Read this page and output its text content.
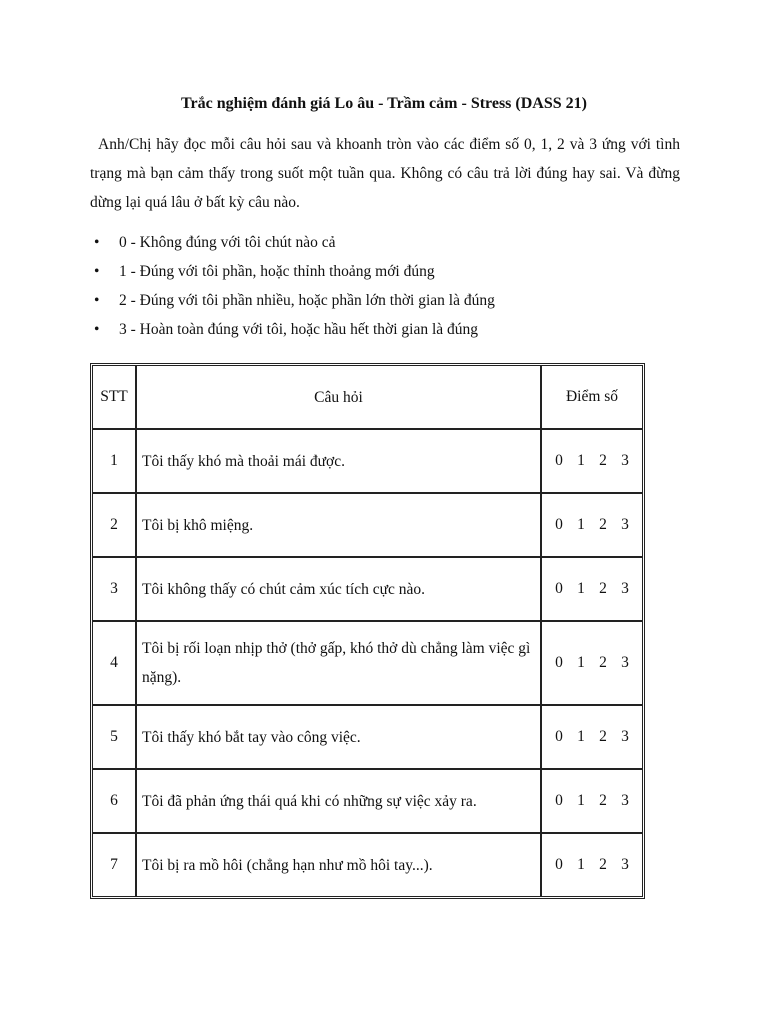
Trắc nghiệm đánh giá Lo âu - Trầm cảm - Stress (DASS 21)

Anh/Chị hãy đọc mỗi câu hỏi sau và khoanh tròn vào các điểm số 0, 1, 2 và 3 ứng với tình trạng mà bạn cảm thấy trong suốt một tuần qua. Không có câu trả lời đúng hay sai. Và đừng dừng lại quá lâu ở bất kỳ câu nào.

• 0 - Không đúng với tôi chút nào cả
• 1 - Đúng với tôi phần, hoặc thỉnh thoảng mới đúng
• 2 - Đúng với tôi phần nhiều, hoặc phần lớn thời gian là đúng
• 3 - Hoàn toàn đúng với tôi, hoặc hầu hết thời gian là đúng
STT	Câu hỏi	Điểm số
1	Tôi thấy khó mà thoải mái được.	0 1 2 3
2	Tôi bị khô miệng.	0 1 2 3
3	Tôi không thấy có chút cảm xúc tích cực nào.	0 1 2 3
4	Tôi bị rối loạn nhịp thở (thở gấp, khó thở dù chẳng làm việc gì nặng).	0 1 2 3
5	Tôi thấy khó bắt tay vào công việc.	0 1 2 3
6	Tôi đã phản ứng thái quá khi có những sự việc xảy ra.	0 1 2 3
7	Tôi bị ra mồ hôi (chẳng hạn như mồ hôi tay...).	0 1 2 3
